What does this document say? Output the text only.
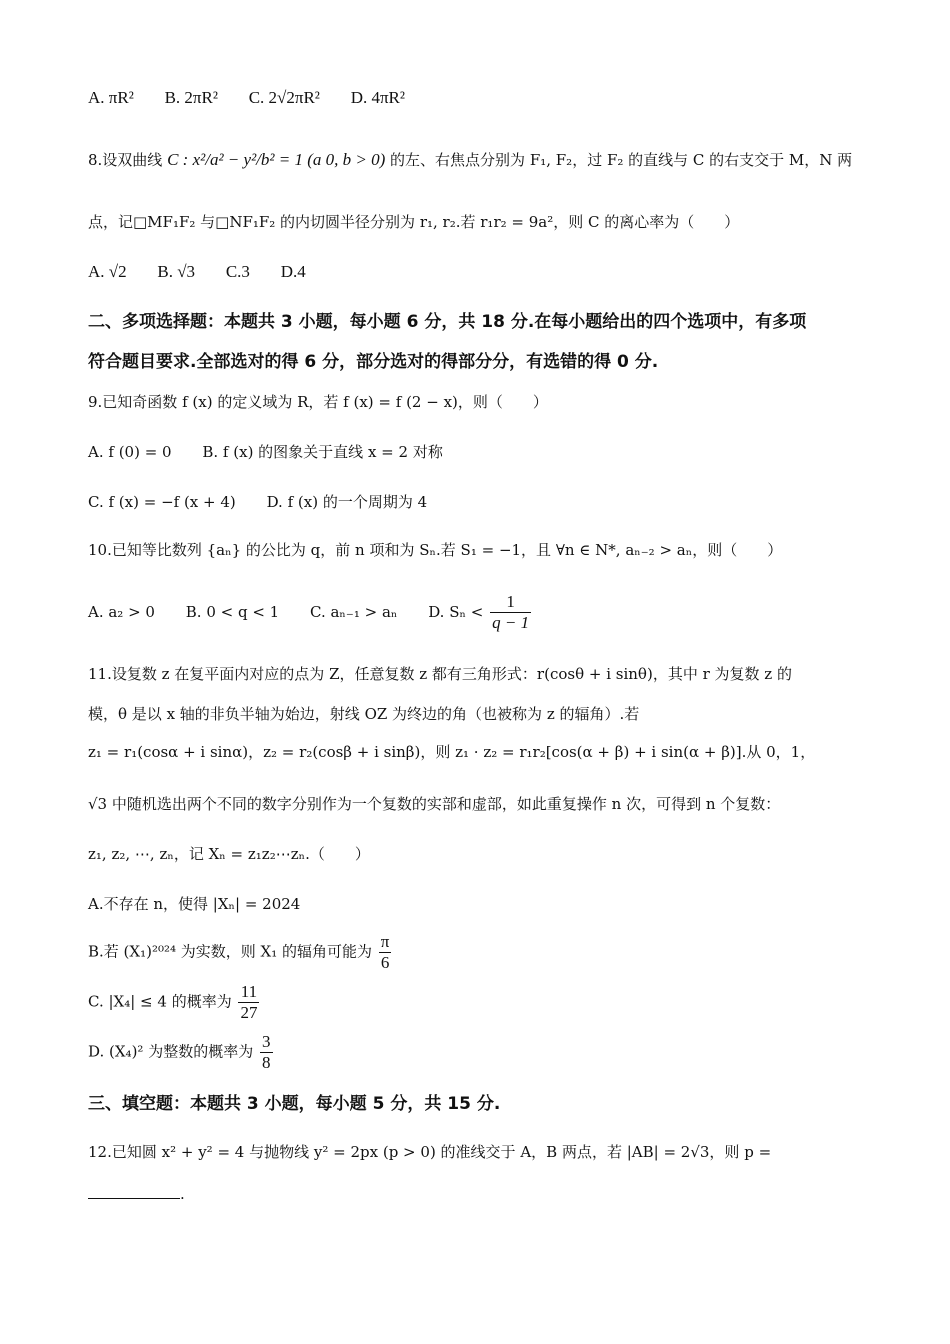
A. πR² B. 2πR² C. 2√2πR² D. 4πR²
8.设双曲线 C : x²/a² − y²/b² = 1 (a 0, b > 0) 的左、右焦点分别为 F₁, F₂，过 F₂ 的直线与 C 的右支交于 M，N 两
点，记□MF₁F₂ 与□NF₁F₂ 的内切圆半径分别为 r₁, r₂.若 r₁r₂ = 9a²，则 C 的离心率为（　　）
A. √2 B. √3 C.3 D.4
二、多项选择题：本题共 3 小题，每小题 6 分，共 18 分.在每小题给出的四个选项中，有多项
符合题目要求.全部选对的得 6 分，部分选对的得部分分，有选错的得 0 分.
9.已知奇函数 f (x) 的定义域为 R，若 f (x) = f (2 − x)，则（　　）
A. f (0) = 0 B. f (x) 的图象关于直线 x = 2 对称
C. f (x) = −f (x + 4) D. f (x) 的一个周期为 4
10.已知等比数列 {aₙ} 的公比为 q，前 n 项和为 Sₙ.若 S₁ = −1，且 ∀n ∈ N*, aₙ₋₂ > aₙ，则（　　）
A. a₂ > 0 B. 0 < q < 1 C. aₙ₋₁ > aₙ D. $S_n < \frac{1}{q - 1}$
11.设复数 z 在复平面内对应的点为 Z，任意复数 z 都有三角形式：r(cosθ + i sinθ)，其中 r 为复数 z 的
模，θ 是以 x 轴的非负半轴为始边，射线 OZ 为终边的角（也被称为 z 的辐角）.若
z₁ = r₁(cosα + i sinα)，z₂ = r₂(cosβ + i sinβ)，则 z₁ · z₂ = r₁r₂[cos(α + β) + i sin(α + β)].从 0，1，
√3 中随机选出两个不同的数字分别作为一个复数的实部和虚部，如此重复操作 n 次，可得到 n 个复数：
z₁, z₂, ⋯, zₙ，记 Xₙ = z₁z₂⋯zₙ.（　　）
A.不存在 n，使得 |Xₙ| = 2024
B.若 (X₁)²⁰²⁴ 为实数，则 X₁ 的辐角可能为 $\frac{\pi}{6}$
C. |X₄| ≤ 4 的概率为 $\frac{11}{27}$
D. (X₄)² 为整数的概率为 $\frac{3}{8}$
三、填空题：本题共 3 小题，每小题 5 分，共 15 分.
12.已知圆 x² + y² = 4 与抛物线 y² = 2px (p > 0) 的准线交于 A，B 两点，若 |AB| = 2√3，则 p =
.
